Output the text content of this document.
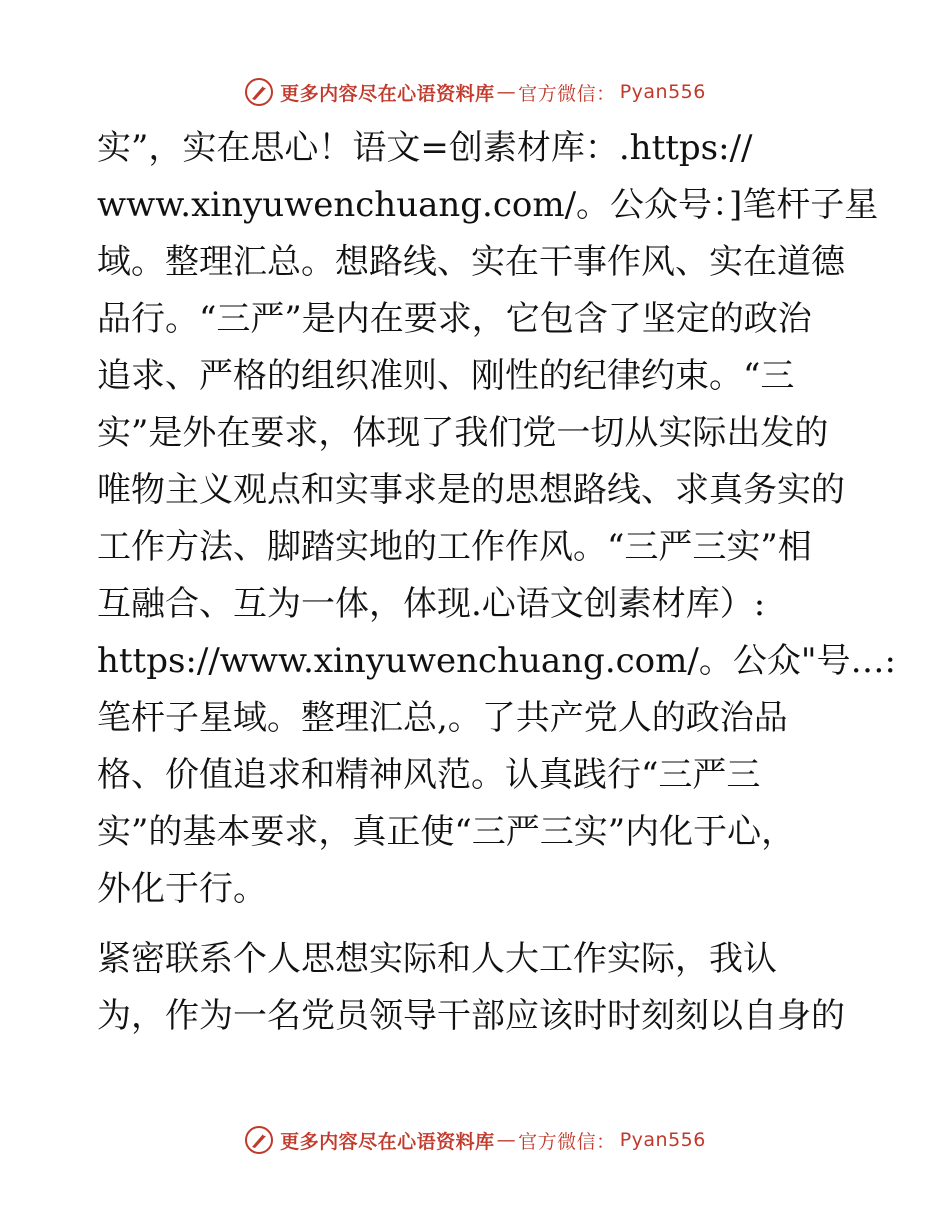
更多内容尽在心语资料库 — 官方微信： Pyan556
实”，实在思心！语文=创素材库：.https://
www.xinyuwenchuang.com/。公众号：]笔杆子星
域。整理汇总。想路线、实在干事作风、实在道德
品行。“三严”是内在要求，它包含了坚定的政治
追求、严格的组织准则、刚性的纪律约束。“三
实”是外在要求，体现了我们党一切从实际出发的
唯物主义观点和实事求是的思想路线、求真务实的
工作方法、脚踏实地的工作作风。“三严三实”相
互融合、互为一体，体现.心语文创素材库）:
https://www.xinyuwenchuang.com/。公众"号…:
笔杆子星域。整理汇总,。了共产党人的政治品
格、价值追求和精神风范。认真践行“三严三
实”的基本要求，真正使“三严三实”内化于心，
外化于行。
紧密联系个人思想实际和人大工作实际，我认
为，作为一名党员领导干部应该时时刻刻以自身的
更多内容尽在心语资料库 — 官方微信： Pyan556
